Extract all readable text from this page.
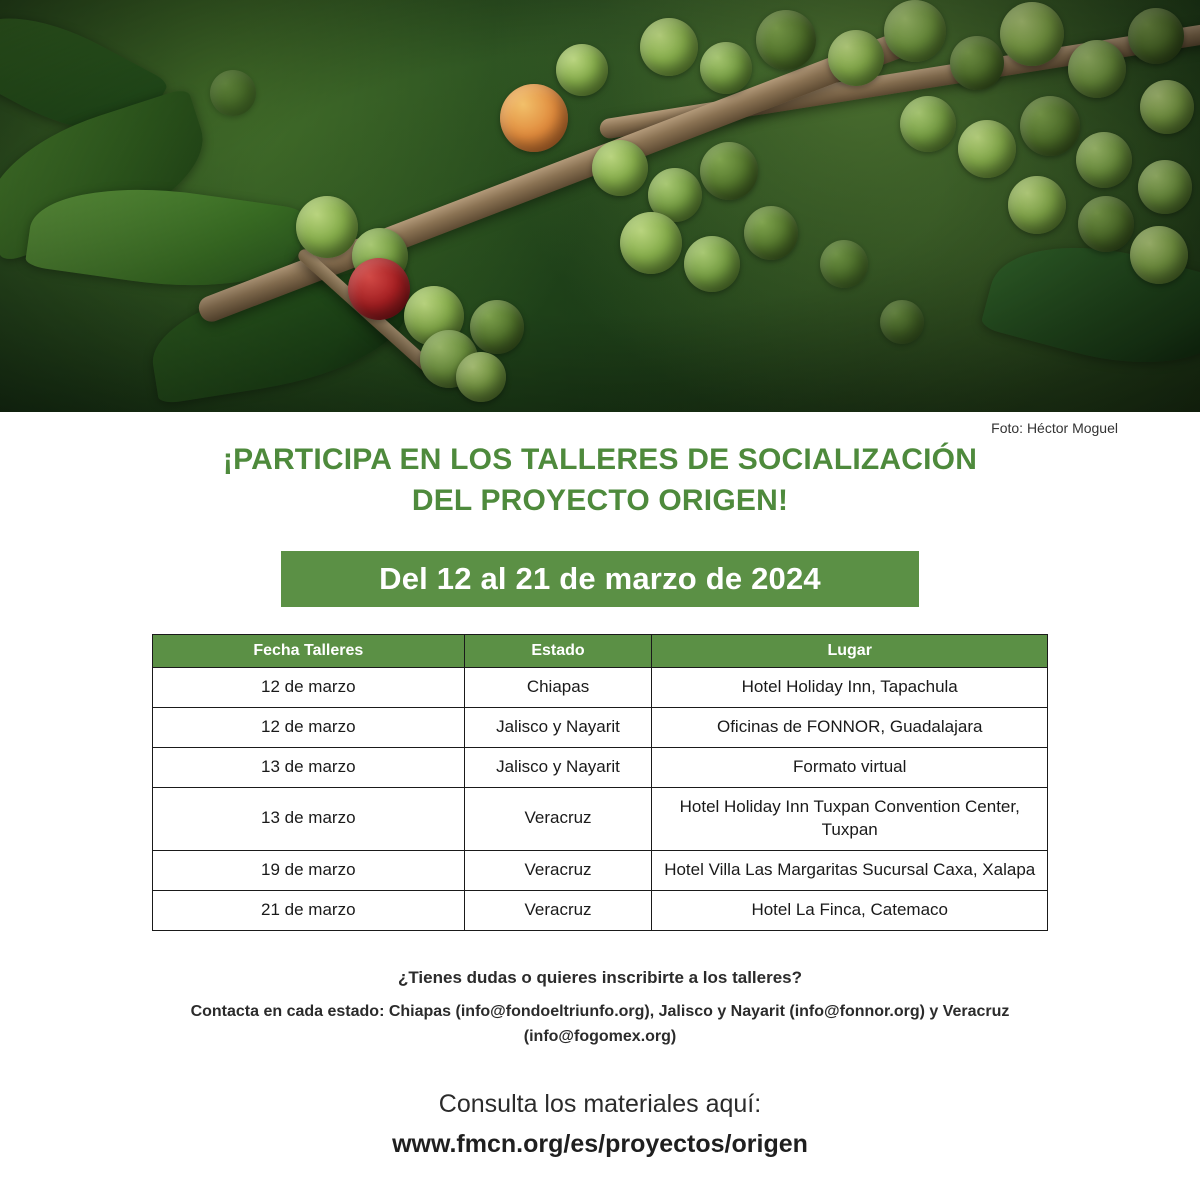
Foto: Héctor Moguel
¡PARTICIPA EN LOS TALLERES DE SOCIALIZACIÓN
DEL PROYECTO ORIGEN!
Del 12 al 21 de marzo de 2024
Fecha Talleres	Estado	Lugar
12 de marzo	Chiapas	Hotel Holiday Inn, Tapachula
12 de marzo	Jalisco y Nayarit	Oficinas de FONNOR, Guadalajara
13 de marzo	Jalisco y Nayarit	Formato virtual
13 de marzo	Veracruz	Hotel Holiday Inn Tuxpan Convention Center, Tuxpan
19 de marzo	Veracruz	Hotel Villa Las Margaritas Sucursal Caxa, Xalapa
21 de marzo	Veracruz	Hotel La Finca, Catemaco
¿Tienes dudas o quieres inscribirte a los talleres?
Contacta en cada estado: Chiapas (info@fondoeltriunfo.org), Jalisco y Nayarit (info@fonnor.org) y Veracruz (info@fogomex.org)
Consulta los materiales aquí:
www.fmcn.org/es/proyectos/origen
